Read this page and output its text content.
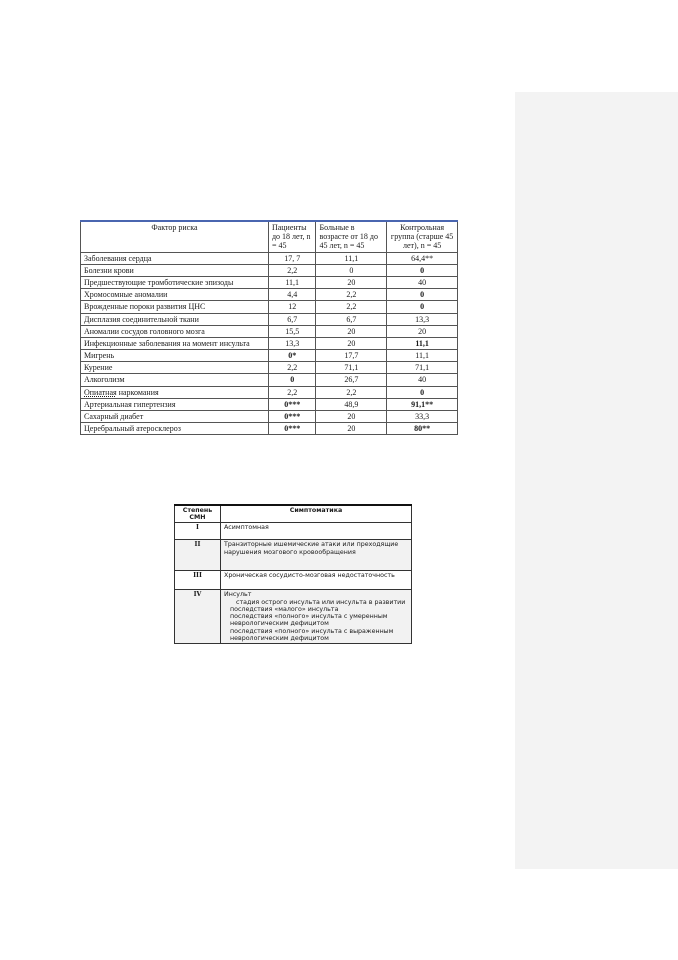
Фактор риска	Пациенты до 18 лет, n = 45	Больные в возрасте от 18 до 45 лет, n = 45	Контрольная группа (старше 45 лет), n = 45
Заболевания сердца	17, 7	11,1	64,4**
Болезни крови	2,2	0	0
Предшествующие тромботические эпизоды	11,1	20	40
Хромосомные аномалии	4,4	2,2	0
Врожденные пороки развития ЦНС	12	2,2	0
Дисплазия соединительной ткани	6,7	6,7	13,3
Аномалии сосудов головного мозга	15,5	20	20
Инфекционные заболевания на момент инсульта	13,3	20	11,1
Мигрень	0*	17,7	11,1
Курение	2,2	71,1	71,1
Алкоголизм	0	26,7	40
Опиатная наркомания	2,2	2,2	0
Артериальная гипертензия	0***	48,9	91,1**
Сахарный диабет	0***	20	33,3
Церебральный атеросклероз	0***	20	80**
Степень СМН	Симптоматика
I	Асимптомная
II	Транзиторные ишемические атаки или преходящие нарушения мозгового кровообращения
III	Хроническая сосудисто-мозговая недостаточность
IV	Инсульт
стадия острого инсульта или инсульта в развитии
последствия «малого» инсульта
последствия «полного» инсульта с умеренным неврологическим дефицитом
последствия «полного» инсульта с выраженным неврологическим дефицитом
